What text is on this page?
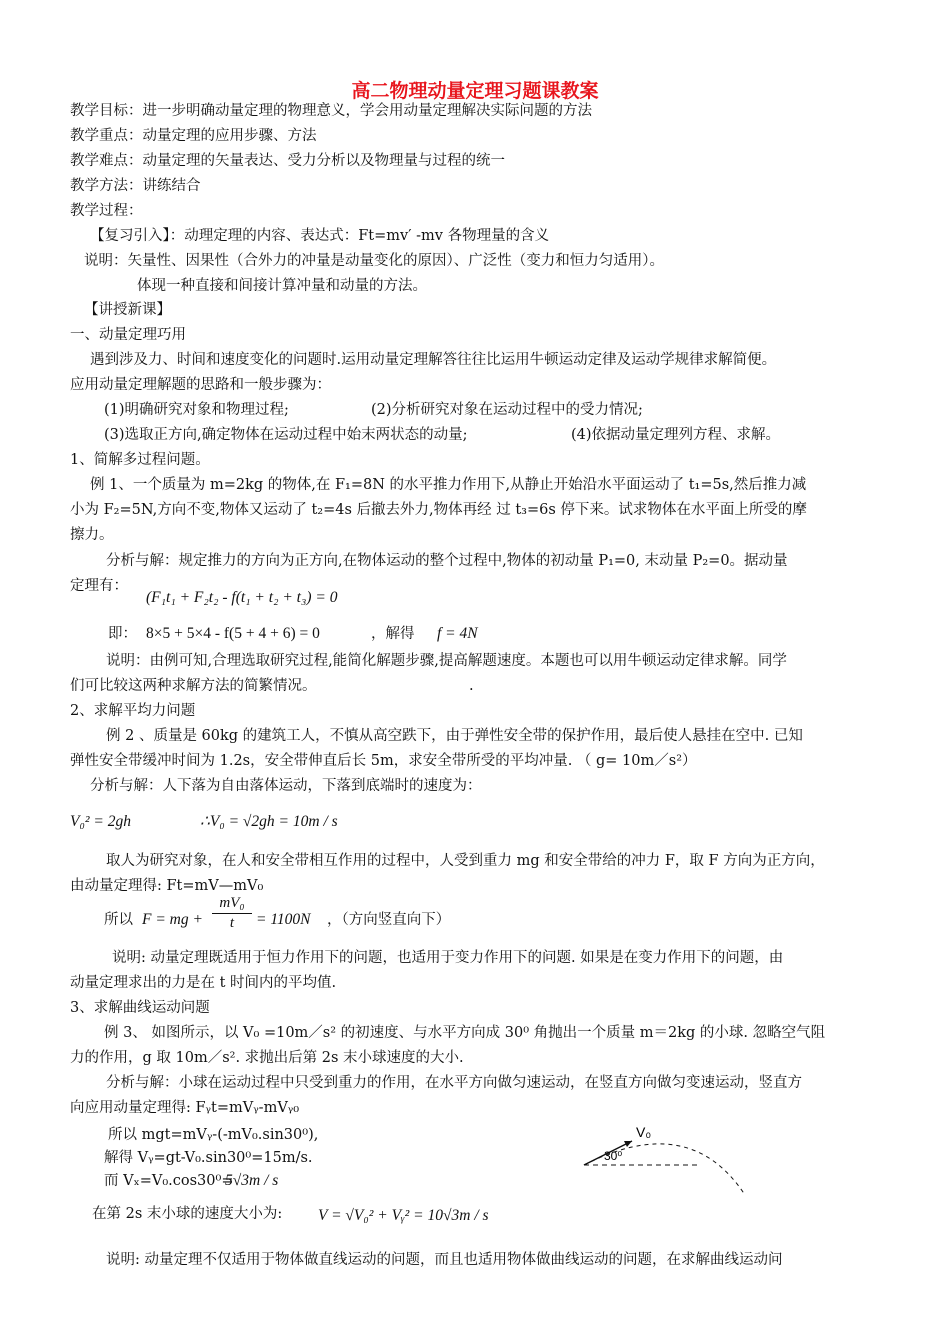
高二物理动量定理习题课教案
教学目标：进一步明确动量定理的物理意义，学会用动量定理解决实际问题的方法
教学重点：动量定理的应用步骤、方法
教学难点：动量定理的矢量表达、受力分析以及物理量与过程的统一
教学方法：讲练结合
教学过程：
【复习引入】：动理定理的内容、表达式：Ft=mv′ -mv 各物理量的含义
说明：矢量性、因果性（合外力的冲量是动量变化的原因）、广泛性（变力和恒力匀适用）。
体现一种直接和间接计算冲量和动量的方法。
【讲授新课】
一、动量定理巧用
遇到涉及力、时间和速度变化的问题时.运用动量定理解答往往比运用牛顿运动定律及运动学规律求解简便。
应用动量定理解题的思路和一般步骤为：
(1)明确研究对象和物理过程;	(2)分析研究对象在运动过程中的受力情况;
(3)选取正方向,确定物体在运动过程中始末两状态的动量;	(4)依据动量定理列方程、求解。
1、简解多过程问题。
例 1、一个质量为 m=2kg 的物体,在 F₁=8N 的水平推力作用下,从静止开始沿水平面运动了 t₁=5s,然后推力减
小为 F₂=5N,方向不变,物体又运动了 t₂=4s 后撤去外力,物体再经 过 t₃=6s 停下来。试求物体在水平面上所受的摩
擦力。
分析与解：规定推力的方向为正方向,在物体运动的整个过程中,物体的初动量 P₁=0, 末动量 P₂=0。据动量
定理有：
(F₁t₁ + F₂t₂ - f(t₁ + t₂ + t₃) = 0
即： 8×5 + 5×4 - f(5 + 4 + 6) = 0	，解得 f = 4N
说明：由例可知,合理选取研究过程,能简化解题步骤,提高解题速度。本题也可以用牛顿运动定律求解。同学
们可比较这两种求解方法的简繁情况。	.
2、求解平均力问题
例 2 、质量是 60kg 的建筑工人，不慎从高空跌下，由于弹性安全带的保护作用，最后使人悬挂在空中. 已知
弹性安全带缓冲时间为 1.2s，安全带伸直后长 5m，求安全带所受的平均冲量. （ g= 10m／s²）
分析与解：人下落为自由落体运动，下落到底端时的速度为：
V₀² = 2gh	∴V₀ = √2gh = 10m / s
取人为研究对象，在人和安全带相互作用的过程中，人受到重力 mg 和安全带给的冲力 F，取 F 方向为正方向，
由动量定理得: Ft=mV—mV₀
所以 F = mg +
mV₀
t	= 1100N ，（方向竖直向下）
说明: 动量定理既适用于恒力作用下的问题，也适用于变力作用下的问题. 如果是在变力作用下的问题，由
动量定理求出的力是在 t 时间内的平均值.
3、求解曲线运动问题
例 3、 如图所示，以 V₀ =10m／s² 的初速度、与水平方向成 30⁰ 角抛出一个质量 m＝2kg 的小球. 忽略空气阻
力的作用，g 取 10m／s². 求抛出后第 2s 末小球速度的大小.
分析与解：小球在运动过程中只受到重力的作用，在水平方向做匀速运动，在竖直方向做匀变速运动，竖直方
向应用动量定理得: Fᵧt=mVᵧ-mVᵧ₀
所以 mgt=mVᵧ-(-mV₀.sin30⁰),
解得 Vᵧ=gt-V₀.sin30⁰=15m/s.
而 Vₓ=V₀.cos30⁰=
5√3m / s
在第 2s 末小球的速度大小为: V = √V₀² + Vᵧ² = 10√3m / s
V₀
30⁰
说明: 动量定理不仅适用于物体做直线运动的问题，而且也适用物体做曲线运动的问题，在求解曲线运动问
